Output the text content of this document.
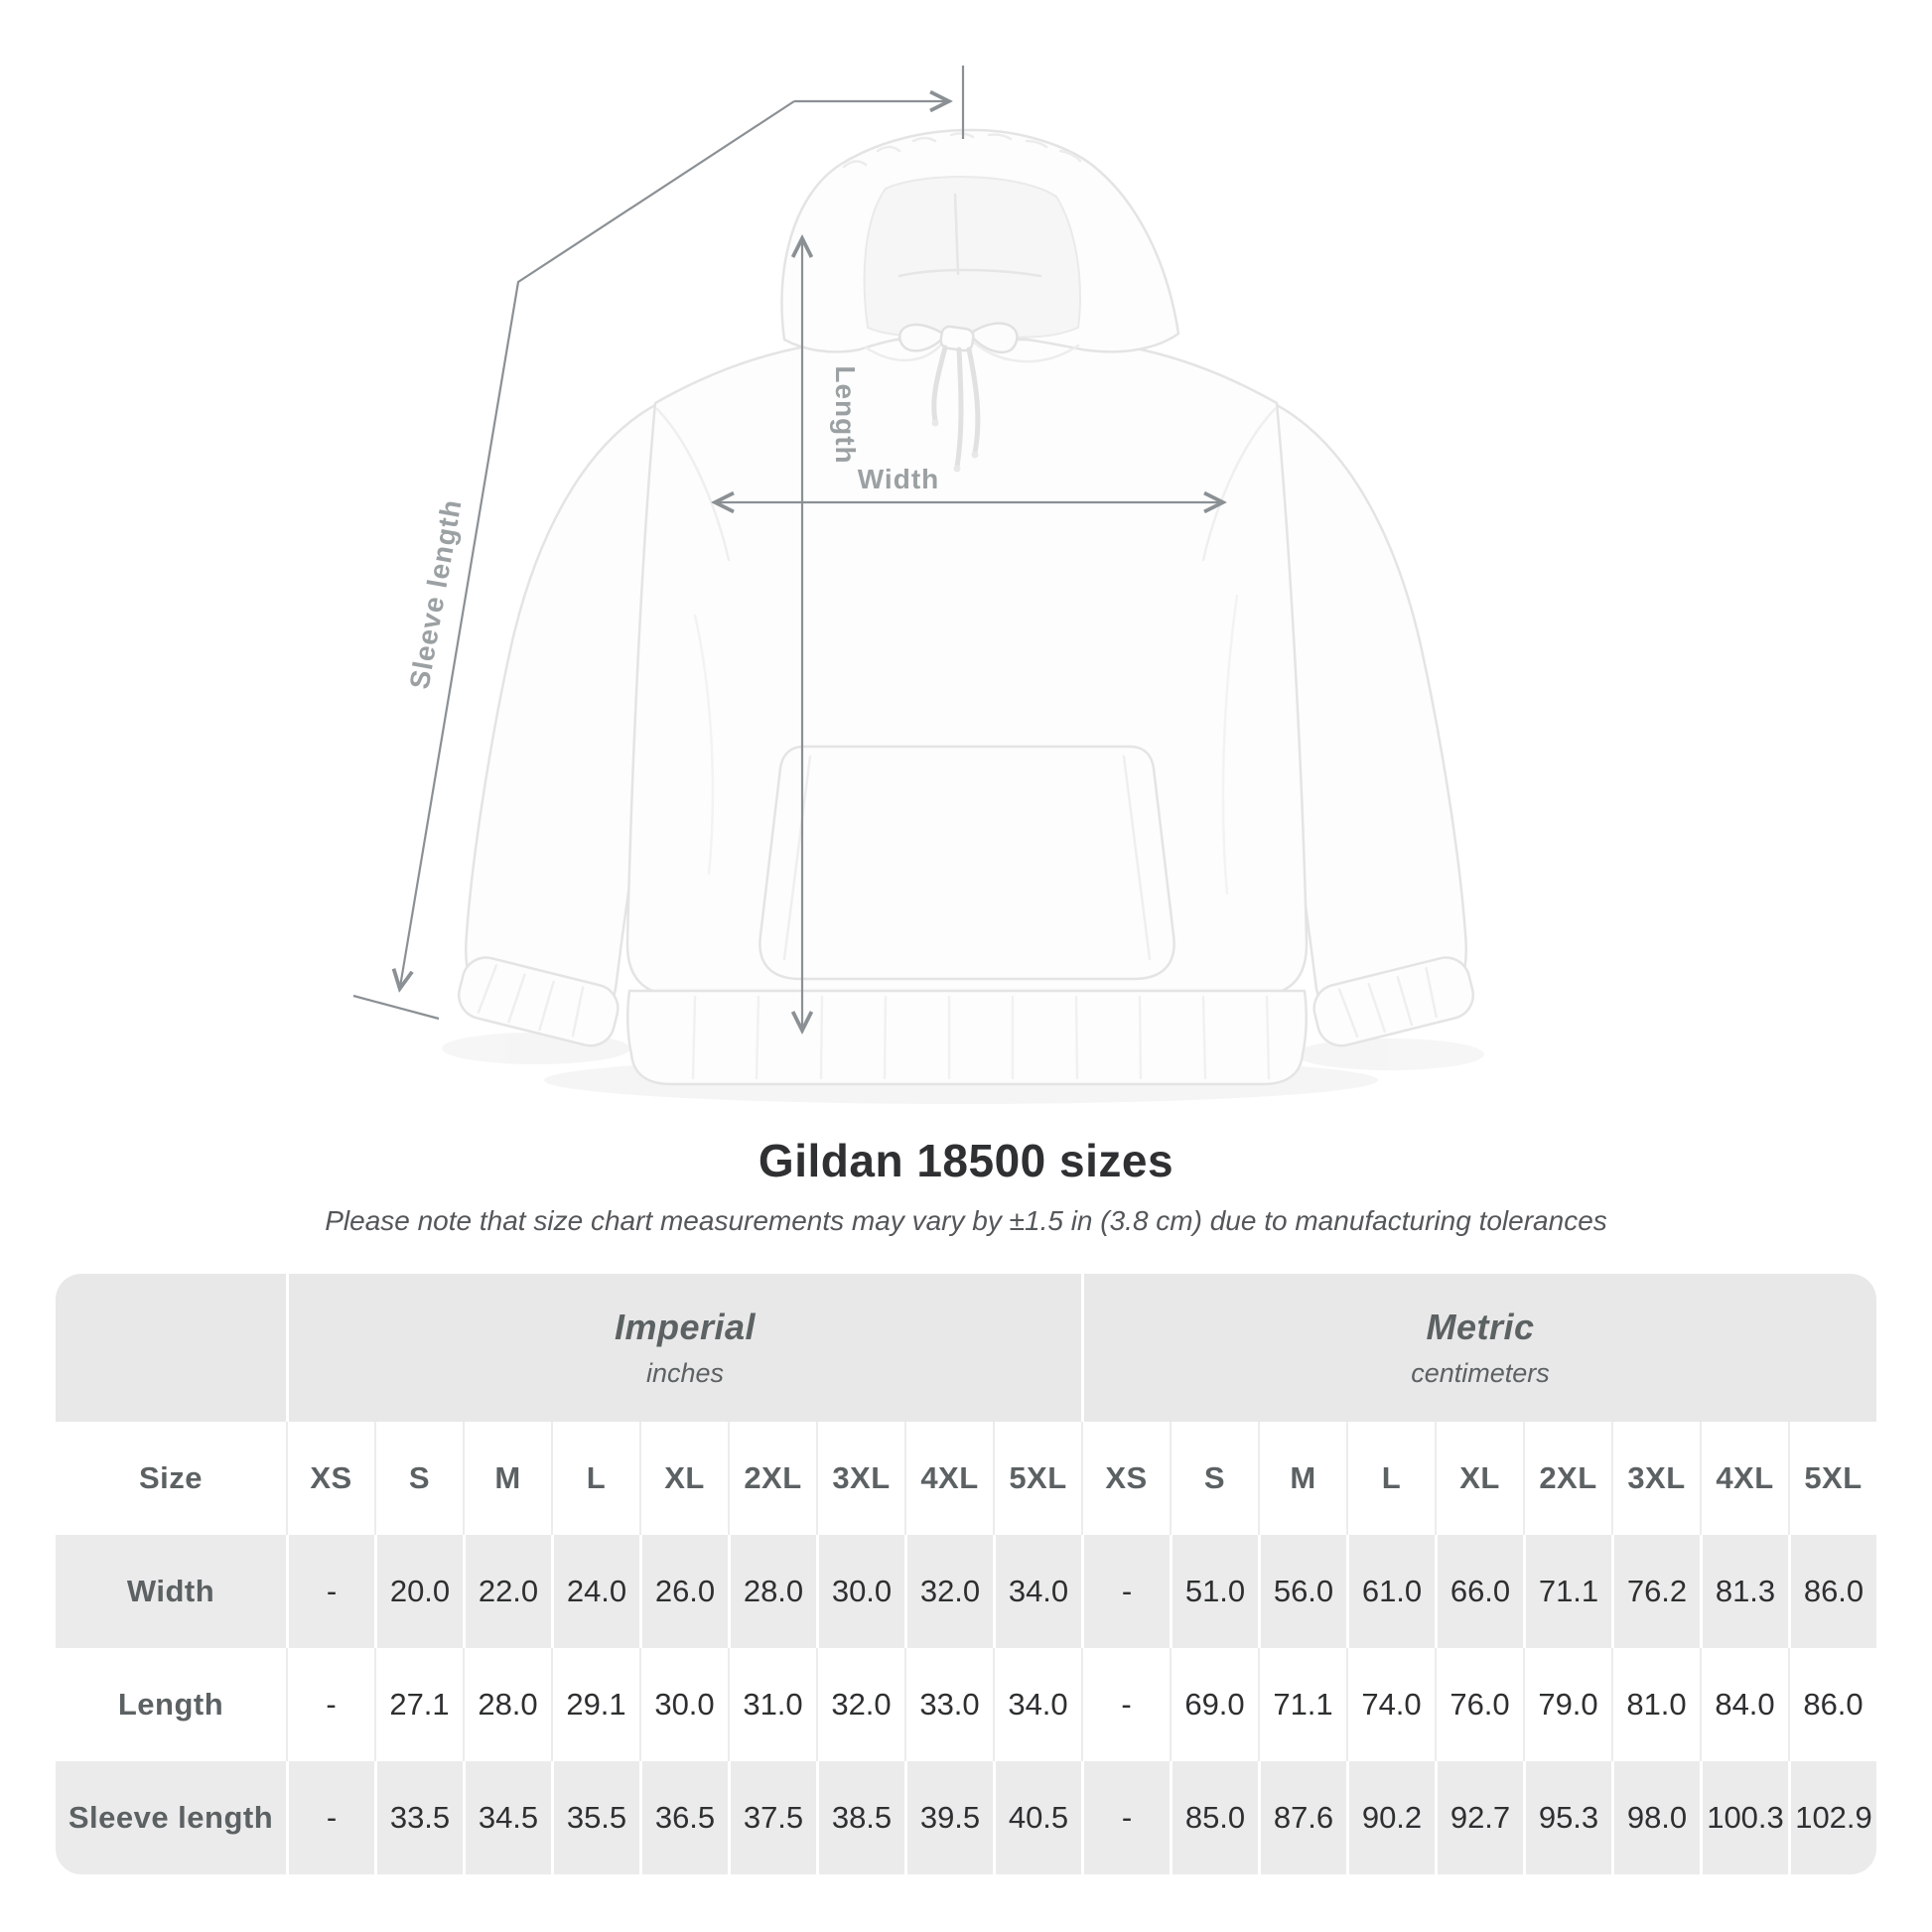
Sleeve length
Length
Width
Gildan 18500 sizes

Please note that size chart measurements may vary by ±1.5 in (3.8 cm) due to manufacturing tolerances

Imperial
inches

Metric
centimeters

Size	XS	S	M	L	XL	2XL	3XL	4XL	5XL	XS	S	M	L	XL	2XL	3XL	4XL	5XL
Width	-	20.0	22.0	24.0	26.0	28.0	30.0	32.0	34.0	-	51.0	56.0	61.0	66.0	71.1	76.2	81.3	86.0
Length	-	27.1	28.0	29.1	30.0	31.0	32.0	33.0	34.0	-	69.0	71.1	74.0	76.0	79.0	81.0	84.0	86.0
Sleeve length	-	33.5	34.5	35.5	36.5	37.5	38.5	39.5	40.5	-	85.0	87.6	90.2	92.7	95.3	98.0	100.3	102.9
